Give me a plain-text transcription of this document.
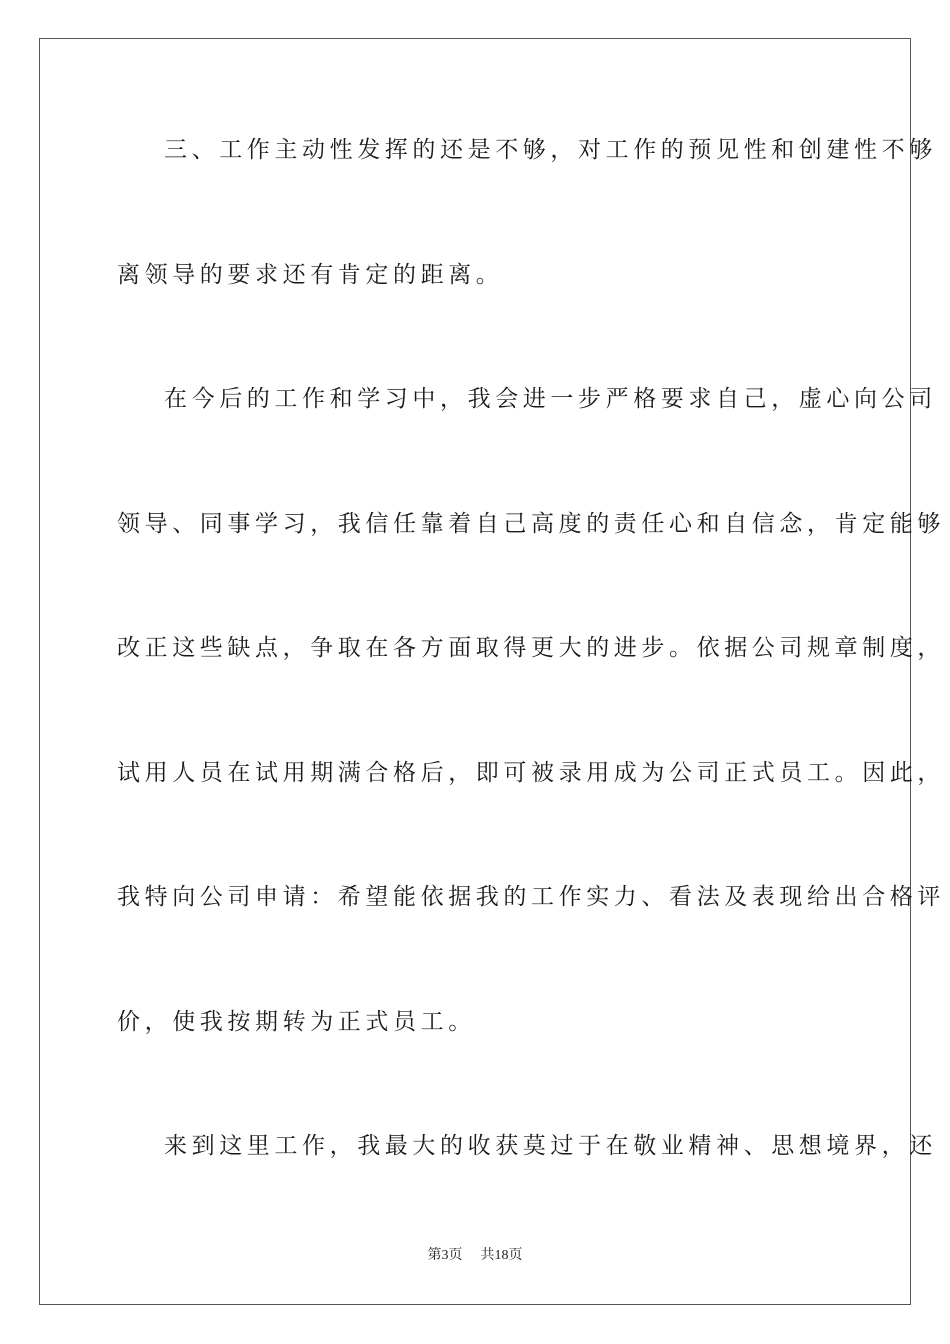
三、工作主动性发挥的还是不够，对工作的预见性和创建性不够
离领导的要求还有肯定的距离。
在今后的工作和学习中，我会进一步严格要求自己，虚心向公司
领导、同事学习，我信任靠着自己高度的责任心和自信念，肯定能够
改正这些缺点，争取在各方面取得更大的进步。依据公司规章制度，
试用人员在试用期满合格后，即可被录用成为公司正式员工。因此，
我特向公司申请：希望能依据我的工作实力、看法及表现给出合格评
价，使我按期转为正式员工。
来到这里工作，我最大的收获莫过于在敬业精神、思想境界，还
第3页 共18页
